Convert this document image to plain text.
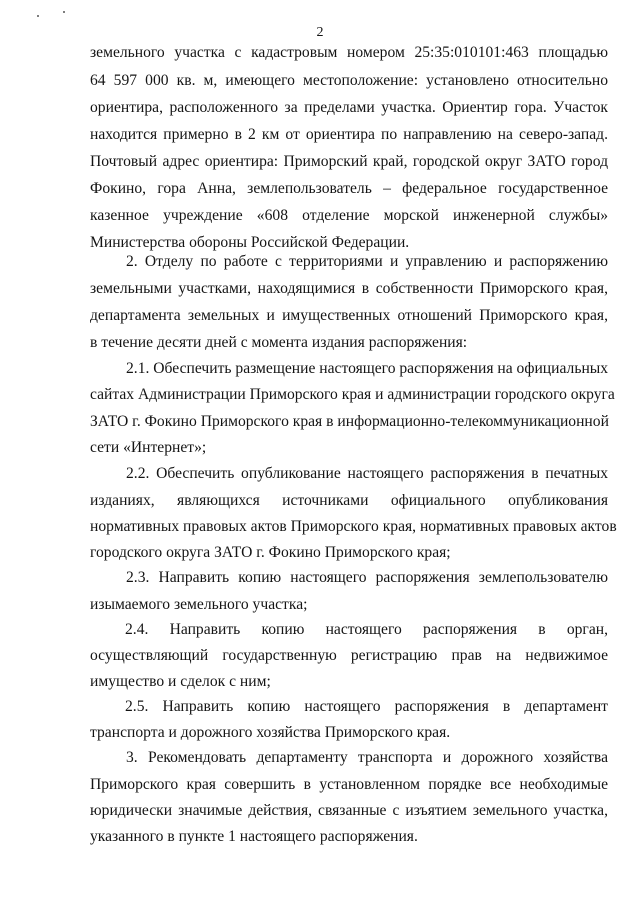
2
земельного участка с кадастровым номером 25:35:010101:463 площадью
64 597 000 кв. м, имеющего местоположение: установлено относительно
ориентира, расположенного за пределами участка. Ориентир гора. Участок
находится примерно в 2 км от ориентира по направлению на северо-запад.
Почтовый адрес ориентира: Приморский край, городской округ ЗАТО город
Фокино, гора Анна, землепользователь – федеральное государственное
казенное учреждение «608 отделение морской инженерной службы»
Министерства обороны Российской Федерации.
2. Отделу по работе с территориями и управлению и распоряжению
земельными участками, находящимися в собственности Приморского края,
департамента земельных и имущественных отношений Приморского края,
в течение десяти дней с момента издания распоряжения:
2.1. Обеспечить размещение настоящего распоряжения на официальных
сайтах Администрации Приморского края и администрации городского округа
ЗАТО г. Фокино Приморского края в информационно-телекоммуникационной
сети «Интернет»;
2.2. Обеспечить опубликование настоящего распоряжения в печатных
изданиях, являющихся источниками официального опубликования
нормативных правовых актов Приморского края, нормативных правовых актов
городского округа ЗАТО г. Фокино Приморского края;
2.3. Направить копию настоящего распоряжения землепользователю
изымаемого земельного участка;
2.4. Направить копию настоящего распоряжения в орган,
осуществляющий государственную регистрацию прав на недвижимое
имущество и сделок с ним;
2.5. Направить копию настоящего распоряжения в департамент
транспорта и дорожного хозяйства Приморского края.
3. Рекомендовать департаменту транспорта и дорожного хозяйства
Приморского края совершить в установленном порядке все необходимые
юридически значимые действия, связанные с изъятием земельного участка,
указанного в пункте 1 настоящего распоряжения.
